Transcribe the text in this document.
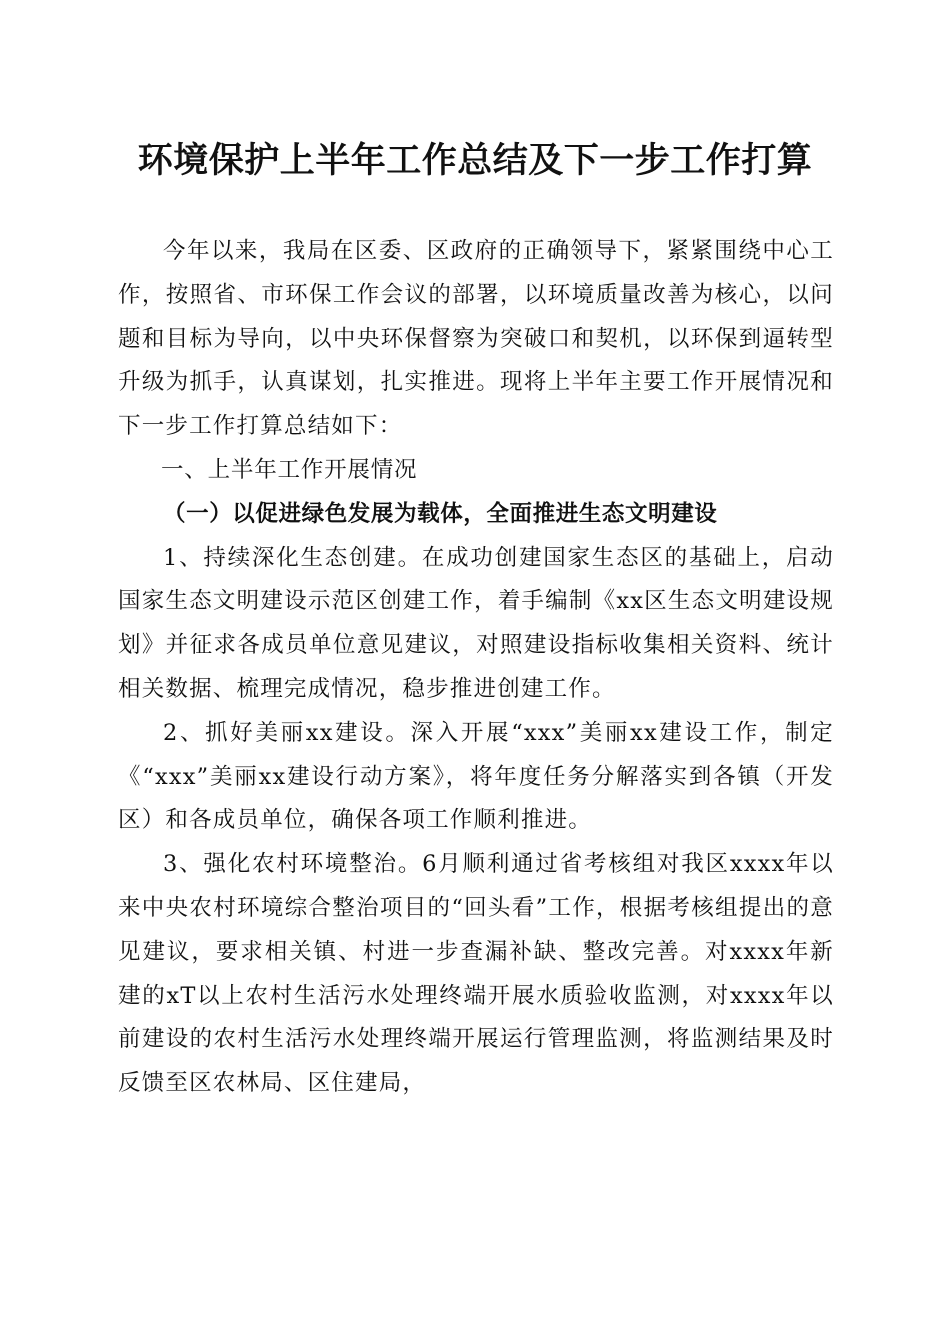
环境保护上半年工作总结及下一步工作打算

今年以来，我局在区委、区政府的正确领导下，紧紧围绕中心工作，按照省、市环保工作会议的部署，以环境质量改善为核心，以问题和目标为导向，以中央环保督察为突破口和契机，以环保到逼转型升级为抓手，认真谋划，扎实推进。现将上半年主要工作开展情况和下一步工作打算总结如下：

一、上半年工作开展情况

（一）以促进绿色发展为载体，全面推进生态文明建设

1、持续深化生态创建。在成功创建国家生态区的基础上，启动国家生态文明建设示范区创建工作，着手编制《xx区生态文明建设规划》并征求各成员单位意见建议，对照建设指标收集相关资料、统计相关数据、梳理完成情况，稳步推进创建工作。

2、抓好美丽xx建设。深入开展“xxx”美丽xx建设工作，制定《“xxx”美丽xx建设行动方案》，将年度任务分解落实到各镇（开发区）和各成员单位，确保各项工作顺利推进。

3、强化农村环境整治。6月顺利通过省考核组对我区xxxx年以来中央农村环境综合整治项目的“回头看”工作，根据考核组提出的意见建议，要求相关镇、村进一步查漏补缺、整改完善。对xxxx年新建的xT以上农村生活污水处理终端开展水质验收监测，对xxxx年以前建设的农村生活污水处理终端开展运行管理监测，将监测结果及时反馈至区农林局、区住建局，
